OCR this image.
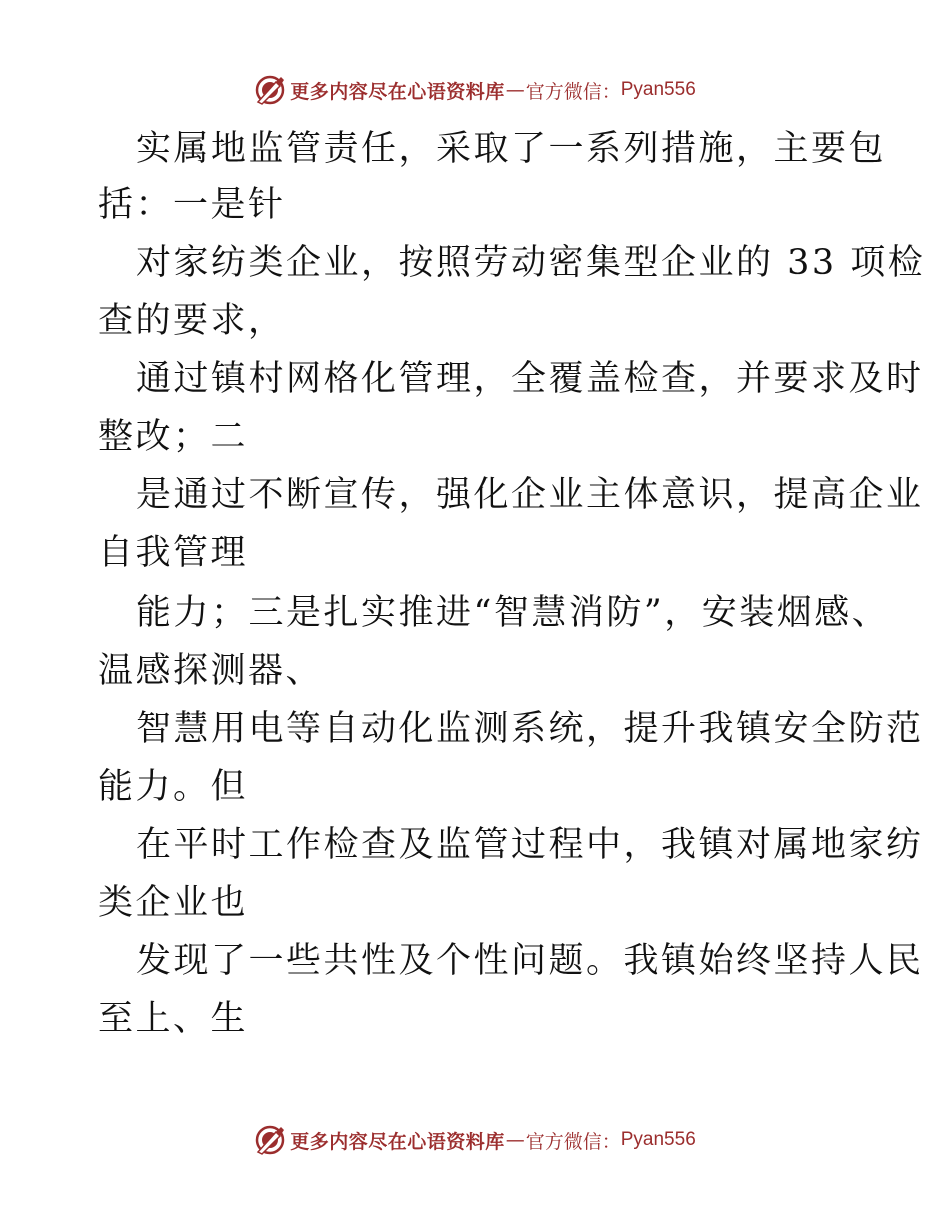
更多内容尽在心语资料库 — 官方微信： Pyan556
实属地监管责任，采取了一系列措施，主要包
括：一是针
对家纺类企业，按照劳动密集型企业的 33 项检
查的要求，
通过镇村网格化管理，全覆盖检查，并要求及时
整改；二
是通过不断宣传，强化企业主体意识，提高企业
自我管理
能力；三是扎实推进“智慧消防”，安装烟感、
温感探测器、
智慧用电等自动化监测系统，提升我镇安全防范
能力。但
在平时工作检查及监管过程中，我镇对属地家纺
类企业也
发现了一些共性及个性问题。我镇始终坚持人民
至上、生
更多内容尽在心语资料库 — 官方微信： Pyan556
